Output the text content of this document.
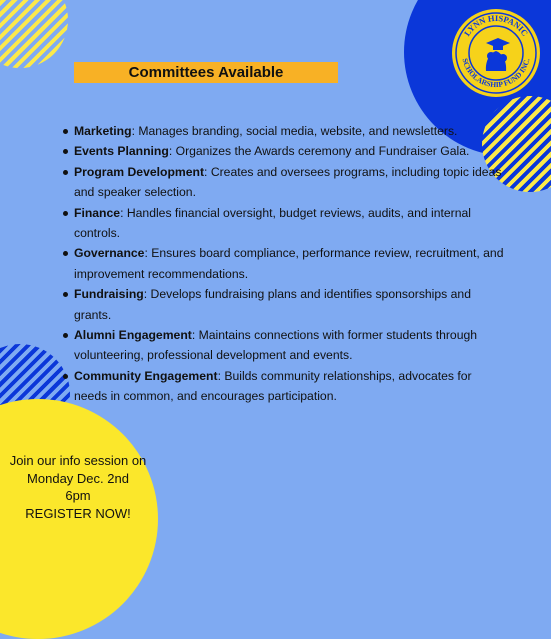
LYNN HISPANIC
SCHOLARSHIP FUND INC.
Committees Available
Marketing: Manages branding, social media, website, and newsletters.
Events Planning: Organizes the Awards ceremony and Fundraiser Gala.
Program Development: Creates and oversees programs, including topic ideas and speaker selection.
Finance: Handles financial oversight, budget reviews, audits, and internal controls.
Governance: Ensures board compliance, performance review, recruitment, and improvement recommendations.
Fundraising: Develops fundraising plans and identifies sponsorships and grants.
Alumni Engagement: Maintains connections with former students through volunteering, professional development and events.
Community Engagement: Builds community relationships, advocates for needs in common, and encourages participation.
Join our info session on
Monday Dec. 2nd
6pm
REGISTER NOW!
